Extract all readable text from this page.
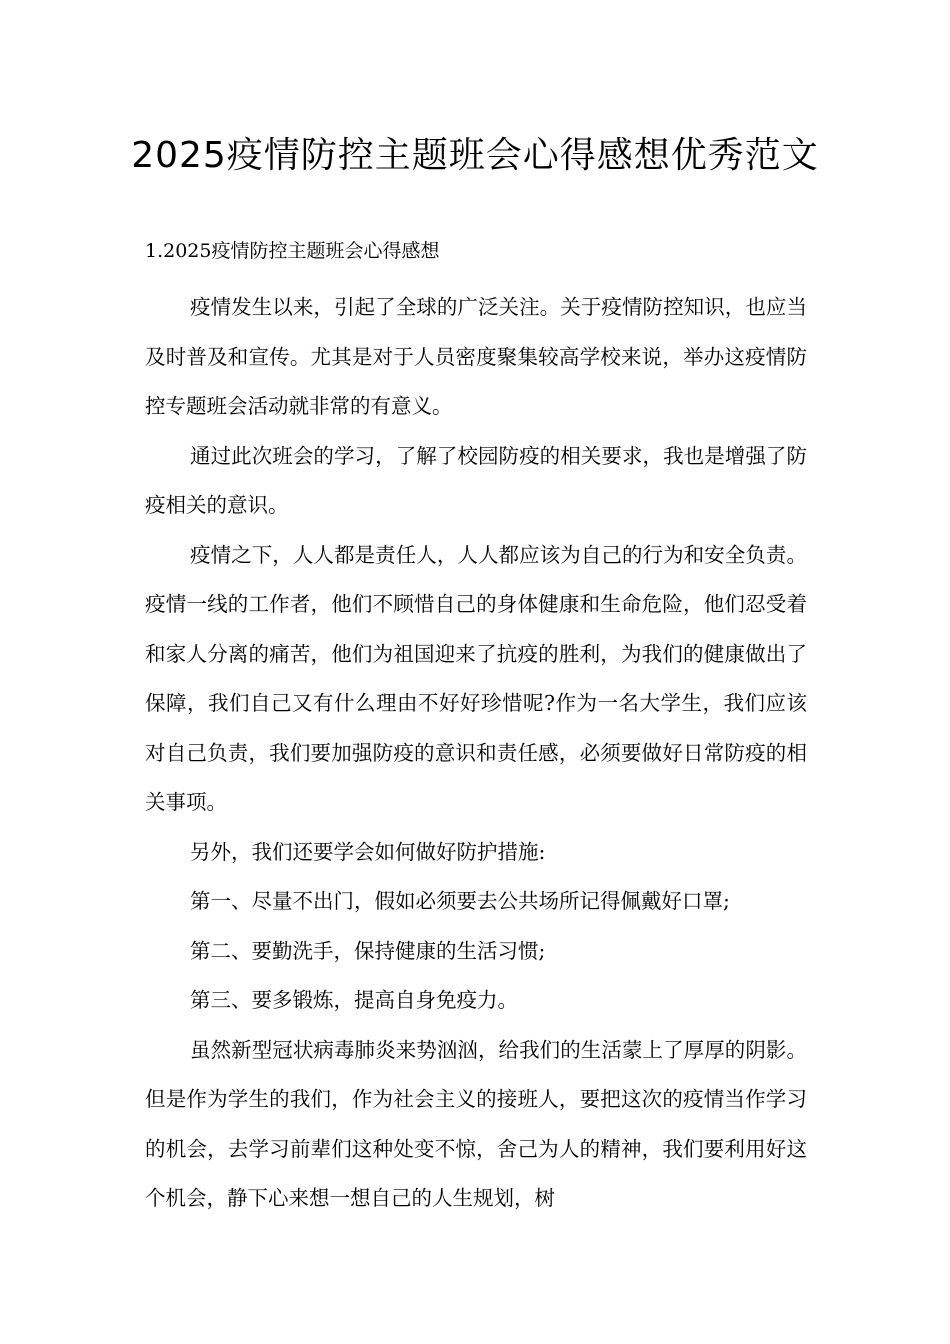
2025疫情防控主题班会心得感想优秀范文

1.2025疫情防控主题班会心得感想

疫情发生以来，引起了全球的广泛关注。关于疫情防控知识，也应当及时普及和宣传。尤其是对于人员密度聚集较高学校来说，举办这疫情防控专题班会活动就非常的有意义。

通过此次班会的学习，了解了校园防疫的相关要求，我也是增强了防疫相关的意识。

疫情之下，人人都是责任人，人人都应该为自己的行为和安全负责。疫情一线的工作者，他们不顾惜自己的身体健康和生命危险，他们忍受着和家人分离的痛苦，他们为祖国迎来了抗疫的胜利，为我们的健康做出了保障，我们自己又有什么理由不好好珍惜呢?作为一名大学生，我们应该对自己负责，我们要加强防疫的意识和责任感，必须要做好日常防疫的相关事项。

另外，我们还要学会如何做好防护措施:

第一、尽量不出门，假如必须要去公共场所记得佩戴好口罩;

第二、要勤洗手，保持健康的生活习惯;

第三、要多锻炼，提高自身免疫力。

虽然新型冠状病毒肺炎来势汹汹，给我们的生活蒙上了厚厚的阴影。但是作为学生的我们，作为社会主义的接班人，要把这次的疫情当作学习的机会，去学习前辈们这种处变不惊，舍己为人的精神，我们要利用好这个机会，静下心来想一想自己的人生规划，树
